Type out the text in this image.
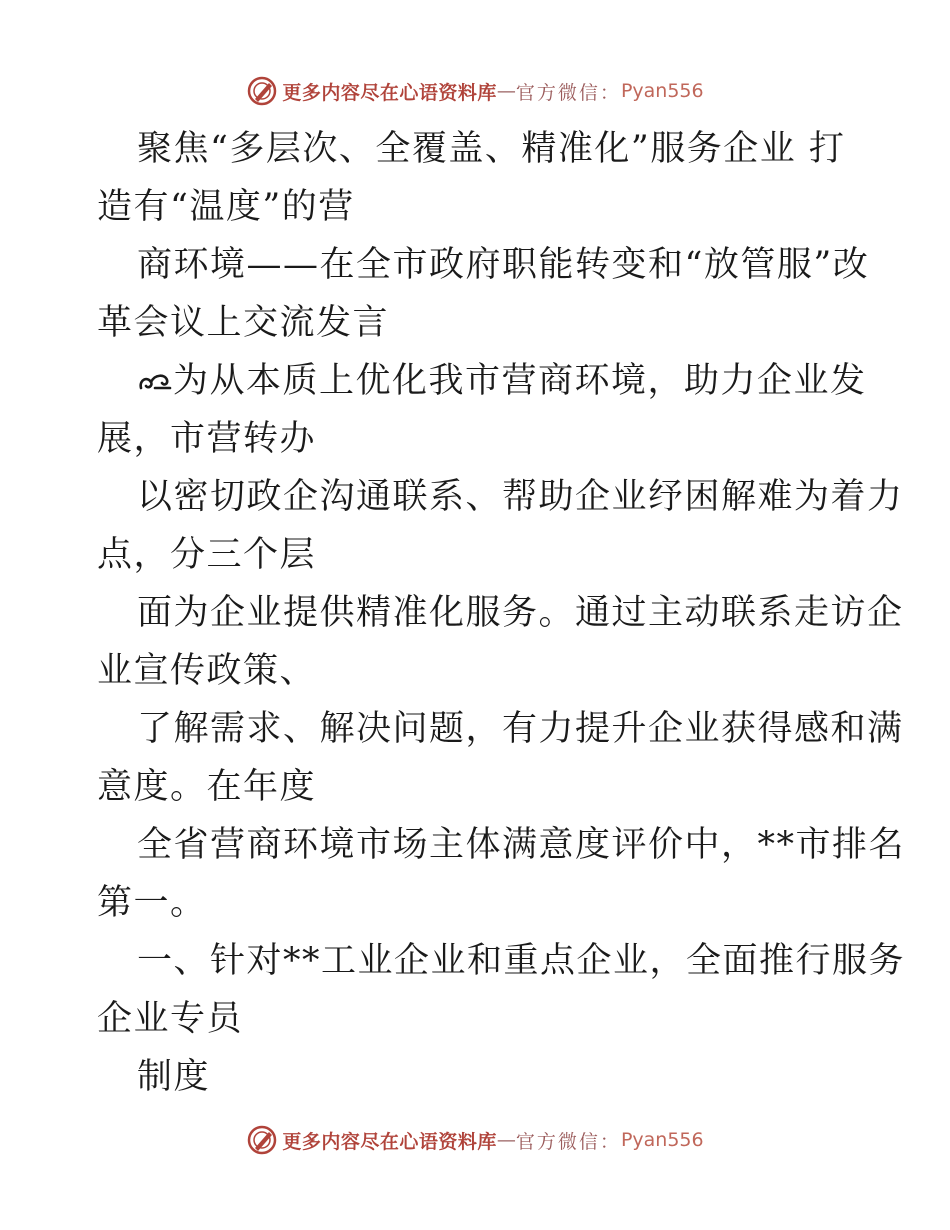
更多内容尽在心语资料库 — 官方微信： Pyan556
聚焦“多层次、全覆盖、精准化”服务企业 打
造有“温度”的营
商环境——在全市政府职能转变和“放管服”改
革会议上交流发言
为从本质上优化我市营商环境，助力企业发
展，市营转办
以密切政企沟通联系、帮助企业纾困解难为着力
点，分三个层
面为企业提供精准化服务。通过主动联系走访企
业宣传政策、
了解需求、解决问题，有力提升企业获得感和满
意度。在年度
全省营商环境市场主体满意度评价中，**市排名
第一。
一、针对**工业企业和重点企业，全面推行服务
企业专员
制度
更多内容尽在心语资料库 — 官方微信： Pyan556
